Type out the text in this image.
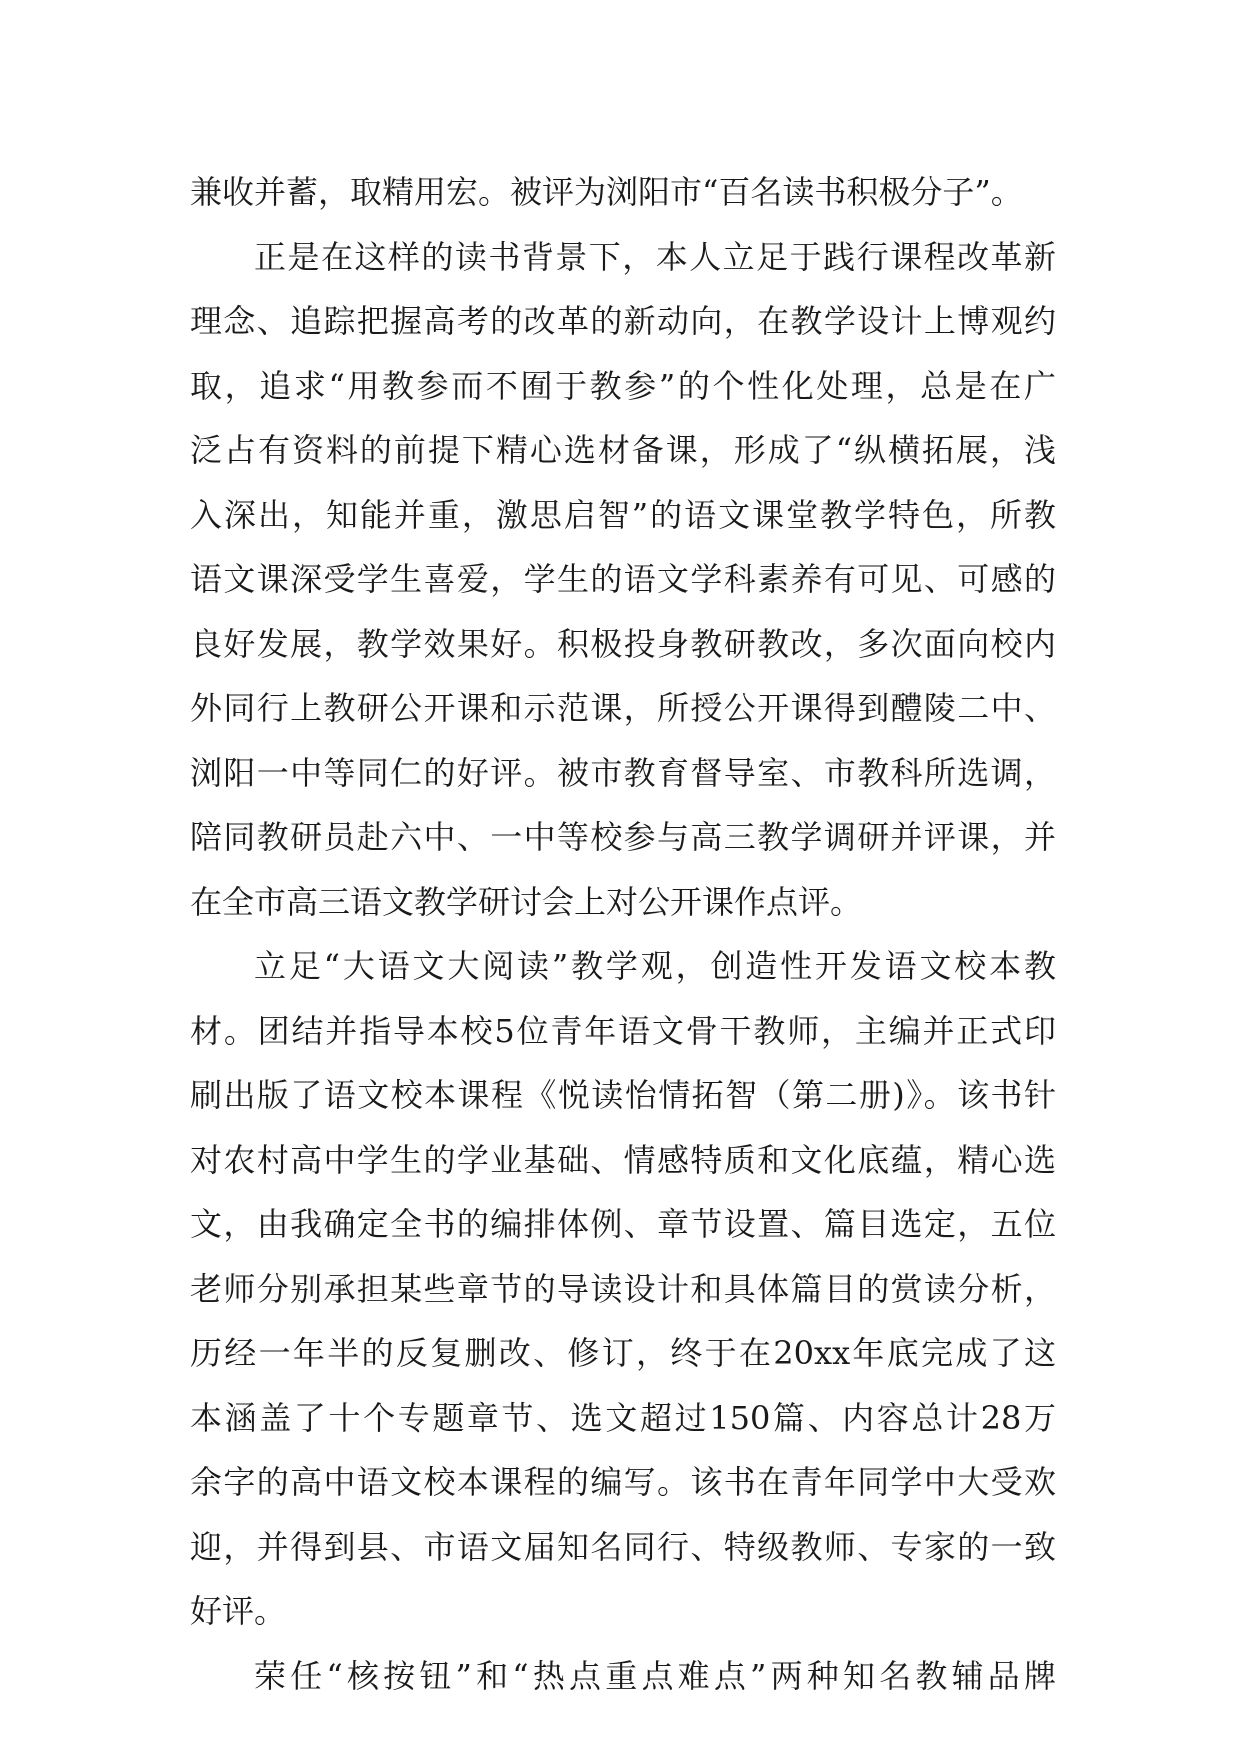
兼收并蓄，取精用宏。被评为浏阳市“百名读书积极分子”。
正是在这样的读书背景下，本人立足于践行课程改革新
理念、追踪把握高考的改革的新动向，在教学设计上博观约
取，追求“用教参而不囿于教参”的个性化处理，总是在广
泛占有资料的前提下精心选材备课，形成了“纵横拓展，浅
入深出，知能并重，激思启智”的语文课堂教学特色，所教
语文课深受学生喜爱，学生的语文学科素养有可见、可感的
良好发展，教学效果好。积极投身教研教改，多次面向校内
外同行上教研公开课和示范课，所授公开课得到醴陵二中、
浏阳一中等同仁的好评。被市教育督导室、市教科所选调，
陪同教研员赴六中、一中等校参与高三教学调研并评课，并
在全市高三语文教学研讨会上对公开课作点评。
立足“大语文大阅读”教学观，创造性开发语文校本教
材。团结并指导本校5位青年语文骨干教师，主编并正式印
刷出版了语文校本课程《悦读怡情拓智（第二册)》。该书针
对农村高中学生的学业基础、情感特质和文化底蕴，精心选
文，由我确定全书的编排体例、章节设置、篇目选定，五位
老师分别承担某些章节的导读设计和具体篇目的赏读分析，
历经一年半的反复删改、修订，终于在20xx年底完成了这
本涵盖了十个专题章节、选文超过150篇、内容总计28万
余字的高中语文校本课程的编写。该书在青年同学中大受欢
迎，并得到县、市语文届知名同行、特级教师、专家的一致
好评。
荣任“核按钮”和“热点重点难点”两种知名教辅品牌
